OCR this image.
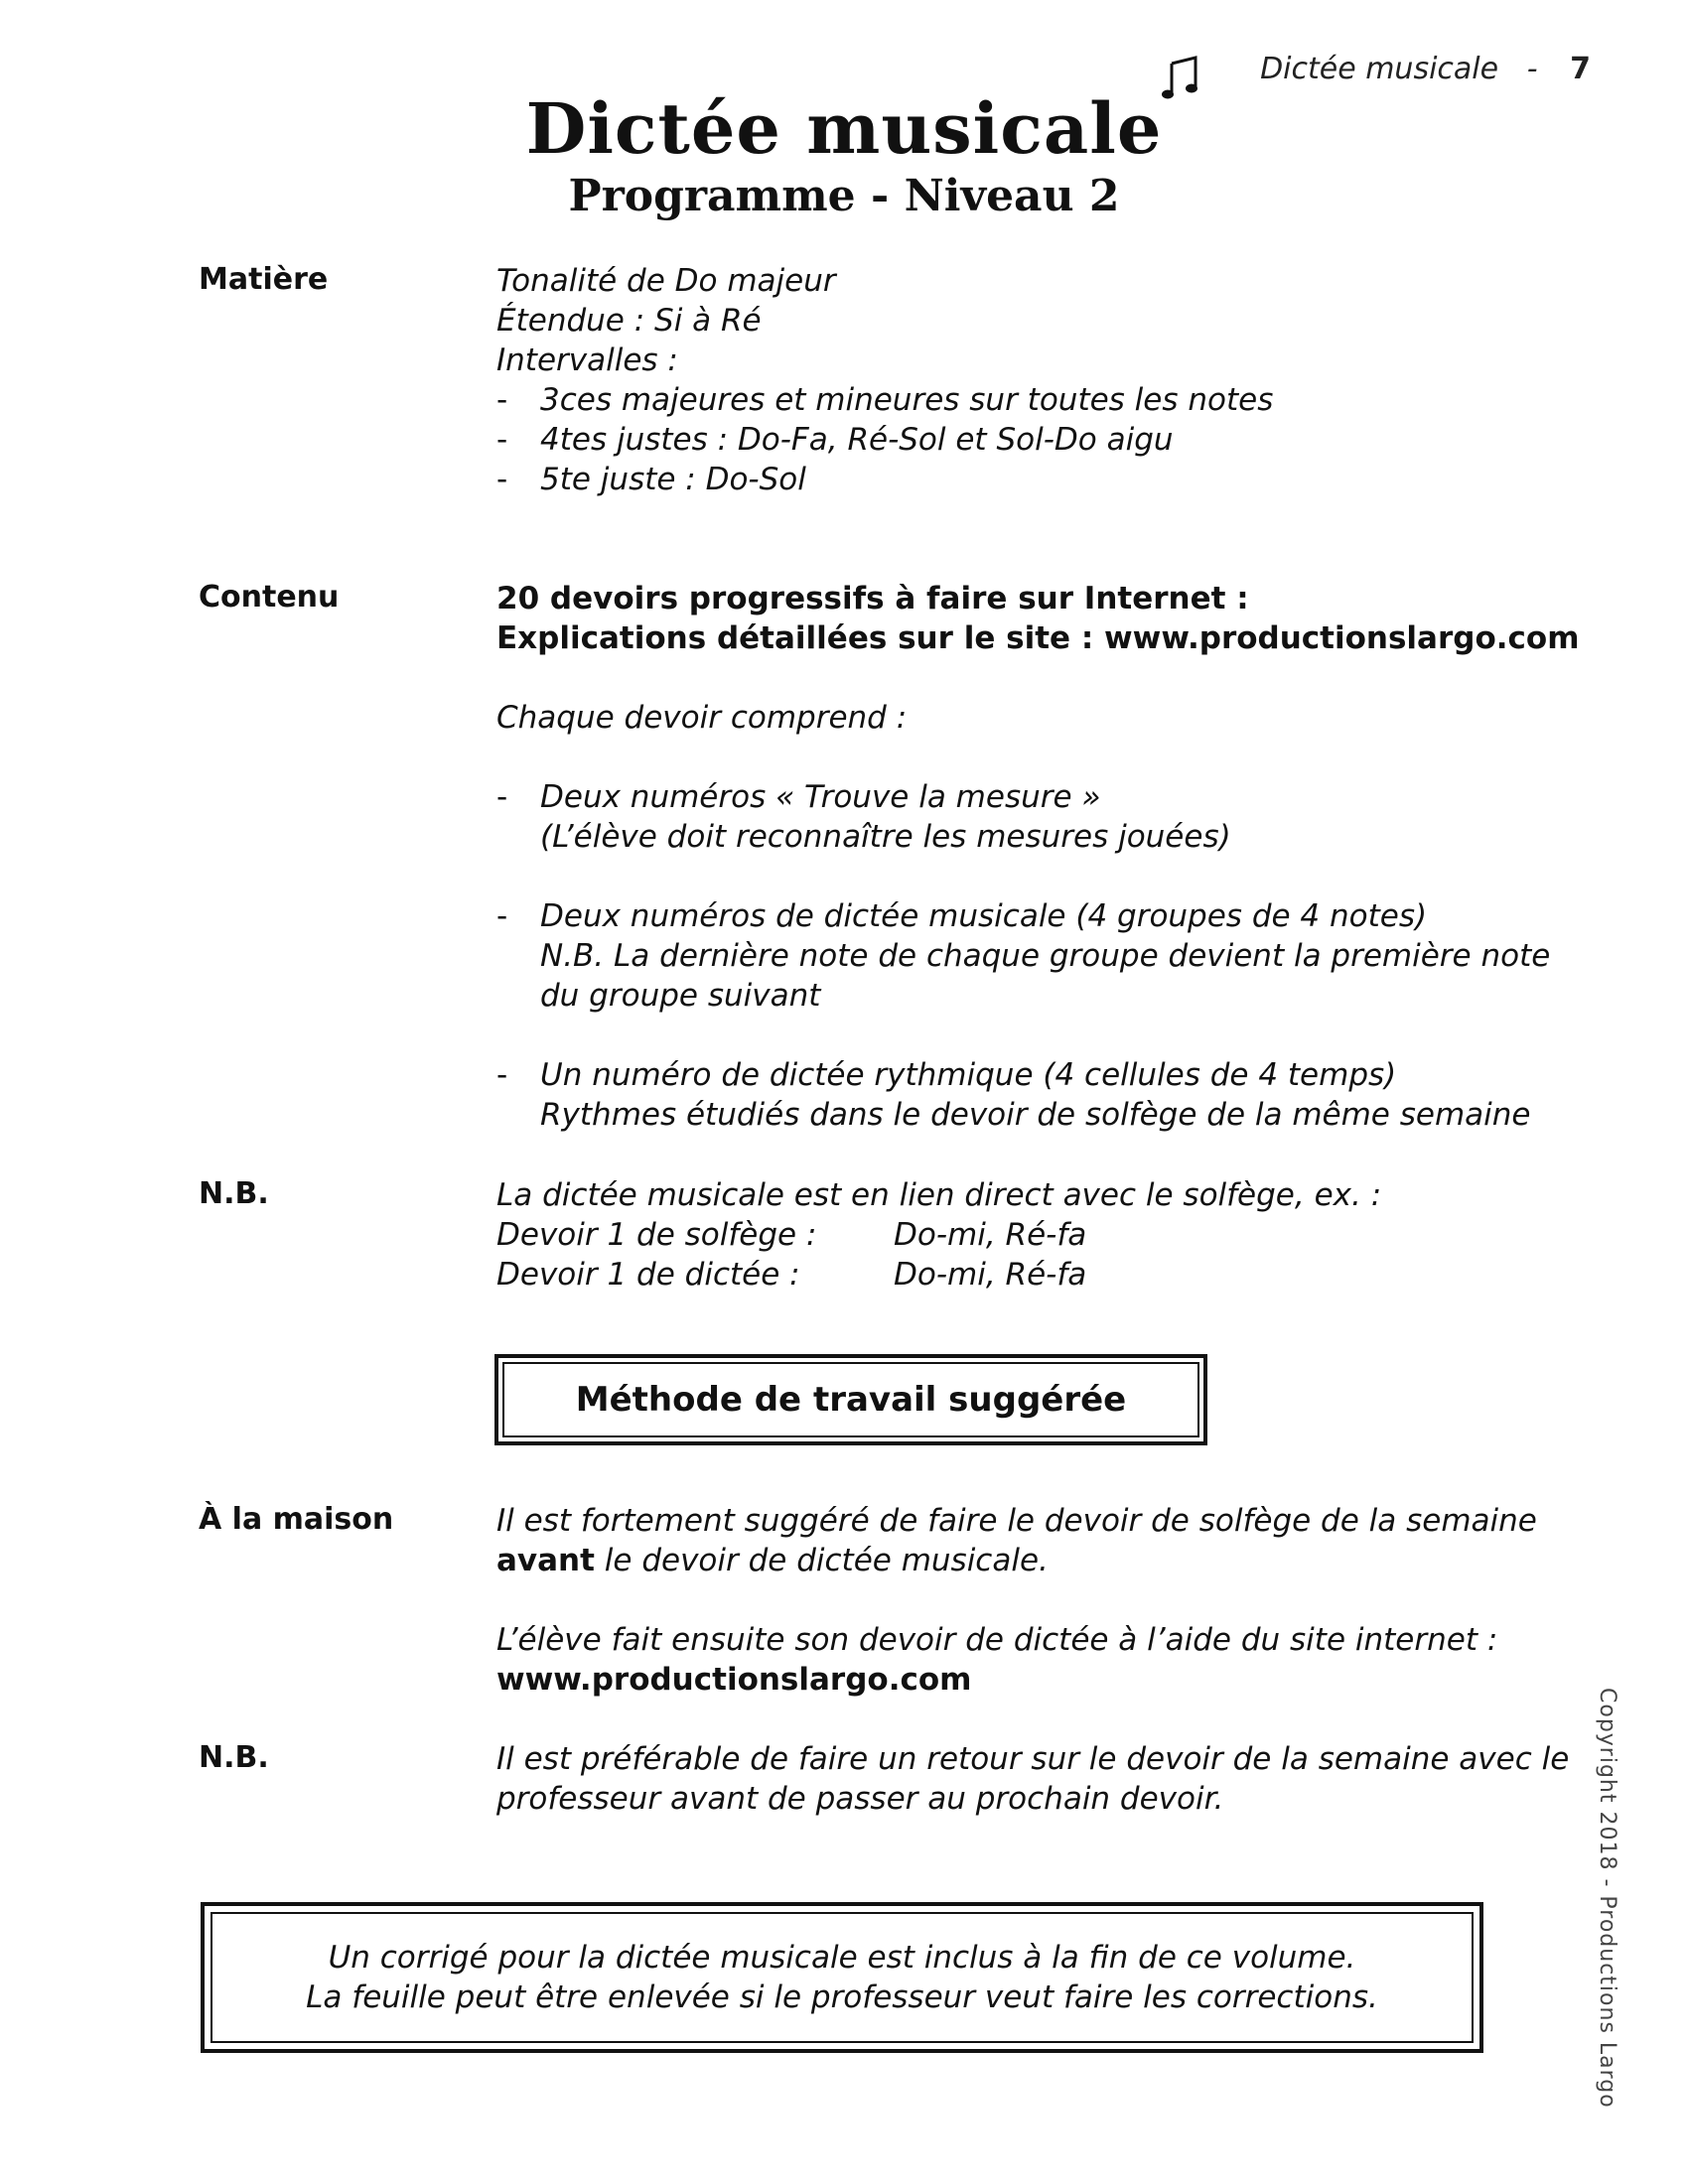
Dictée musicale - 7
Dictée musicale
Programme - Niveau 2
Matière	Tonalité de Do majeur
Étendue : Si à Ré
Intervalles :
- 3ces majeures et mineures sur toutes les notes
- 4tes justes : Do-Fa, Ré-Sol et Sol-Do aigu
- 5te juste : Do-Sol
Contenu	20 devoirs progressifs à faire sur Internet :
Explications détaillées sur le site : www.productionslargo.com
Chaque devoir comprend :
- Deux numéros « Trouve la mesure »
(L’élève doit reconnaître les mesures jouées)
- Deux numéros de dictée musicale (4 groupes de 4 notes)
N.B. La dernière note de chaque groupe devient la première note
du groupe suivant
- Un numéro de dictée rythmique (4 cellules de 4 temps)
Rythmes étudiés dans le devoir de solfège de la même semaine
N.B.	La dictée musicale est en lien direct avec le solfège, ex. :
Devoir 1 de solfège :	Do-mi, Ré-fa
Devoir 1 de dictée :	Do-mi, Ré-fa
Méthode de travail suggérée
À la maison	Il est fortement suggéré de faire le devoir de solfège de la semaine
avant le devoir de dictée musicale.
L’élève fait ensuite son devoir de dictée à l’aide du site internet :
www.productionslargo.com
N.B.	Il est préférable de faire un retour sur le devoir de la semaine avec le
professeur avant de passer au prochain devoir.
Un corrigé pour la dictée musicale est inclus à la fin de ce volume.
La feuille peut être enlevée si le professeur veut faire les corrections.	Copyright 2018 - Productions Largo
